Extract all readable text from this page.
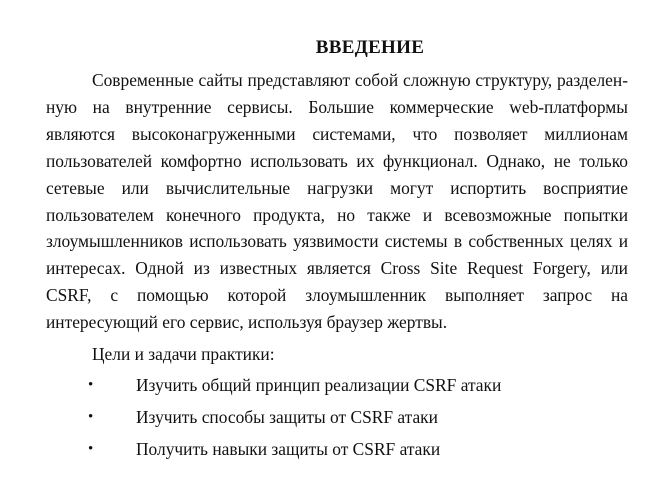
ВВЕДЕНИЕ

Современные сайты представляют собой сложную структуру, разделенную на внутренние сервисы. Большие коммерческие web-платформы являются высоконагруженными системами, что позволяет миллионам пользователей комфортно использовать их функционал. Однако, не только сетевые или вычислительные нагрузки могут испортить восприятие пользователем конечного продукта, но также и всевозможные попытки злоумышленников использовать уязвимости системы в собственных целях и интересах. Одной из известных является Cross Site Request Forgery, или CSRF, с помощью которой злоумышленник выполняет запрос на интересующий его сервис, используя браузер жертвы.

Цели и задачи практики:

•	Изучить общий принцип реализации CSRF атаки
•	Изучить способы защиты от CSRF атаки
•	Получить навыки защиты от CSRF атаки
